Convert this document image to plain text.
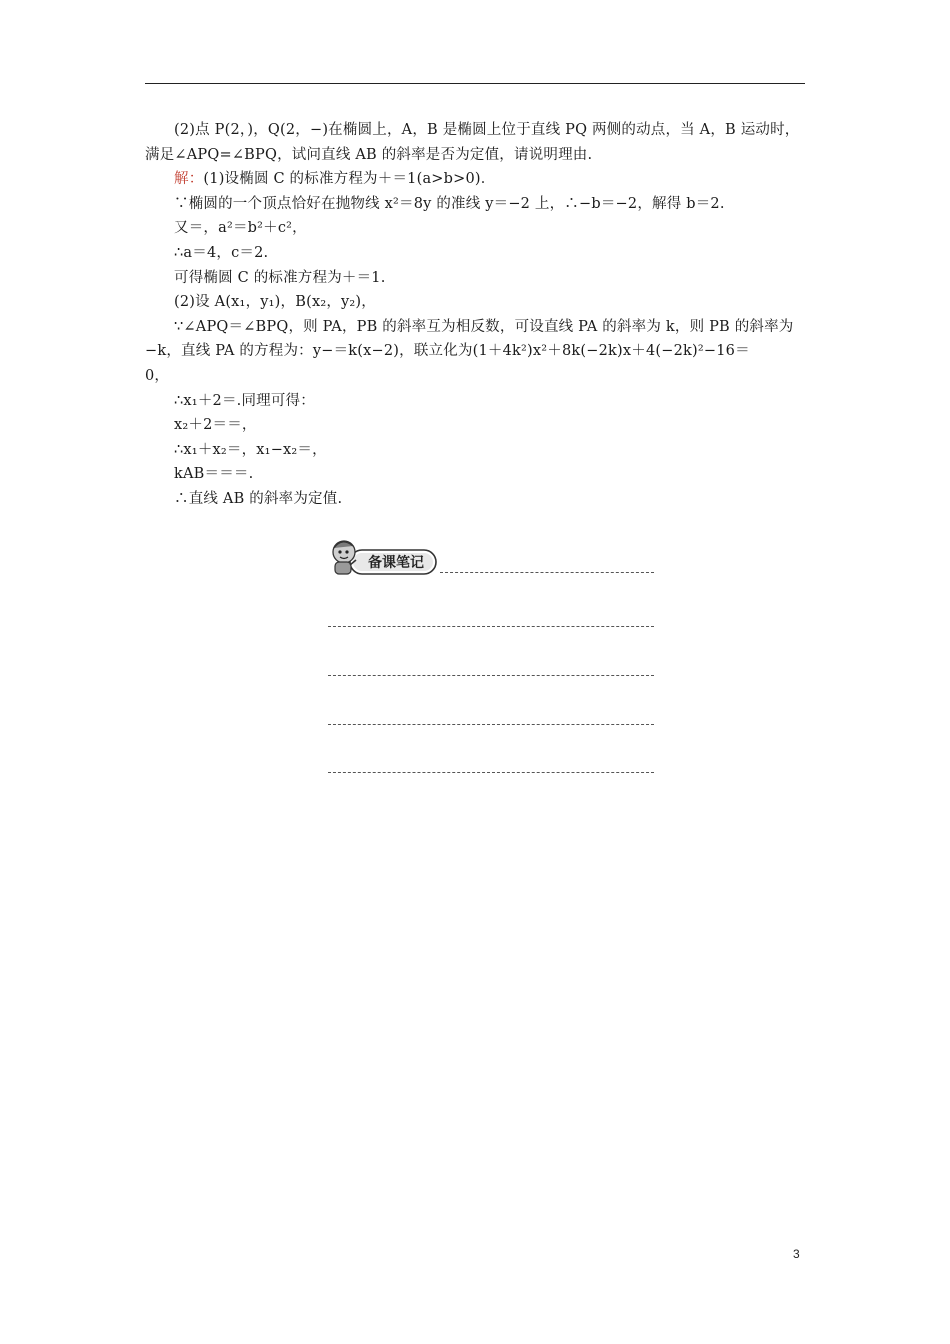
(2)点 P(2，)，Q(2，−)在椭圆上，A，B 是椭圆上位于直线 PQ 两侧的动点，当 A，B 运动时，
满足∠APQ=∠BPQ，试问直线 AB 的斜率是否为定值，请说明理由.
解：(1)设椭圆 C 的标准方程为＋＝1(a>b>0)．
∵椭圆的一个顶点恰好在抛物线 x²＝8y 的准线 y＝−2 上，∴−b＝−2，解得 b＝2.
又＝，a²＝b²＋c²，
∴a＝4，c＝2.
可得椭圆 C 的标准方程为＋＝1.
(2)设 A(x₁，y₁)，B(x₂，y₂)，
∵∠APQ＝∠BPQ，则 PA，PB 的斜率互为相反数，可设直线 PA 的斜率为 k，则 PB 的斜率为
−k，直线 PA 的方程为：y−＝k(x−2)，联立化为(1＋4k²)x²＋8k(−2k)x＋4(−2k)²−16＝
0，
∴x₁＋2＝.同理可得：
x₂＋2＝＝，
∴x₁＋x₂＝，x₁−x₂＝，
kAB＝＝＝.
∴直线 AB 的斜率为定值.
备课笔记
3
